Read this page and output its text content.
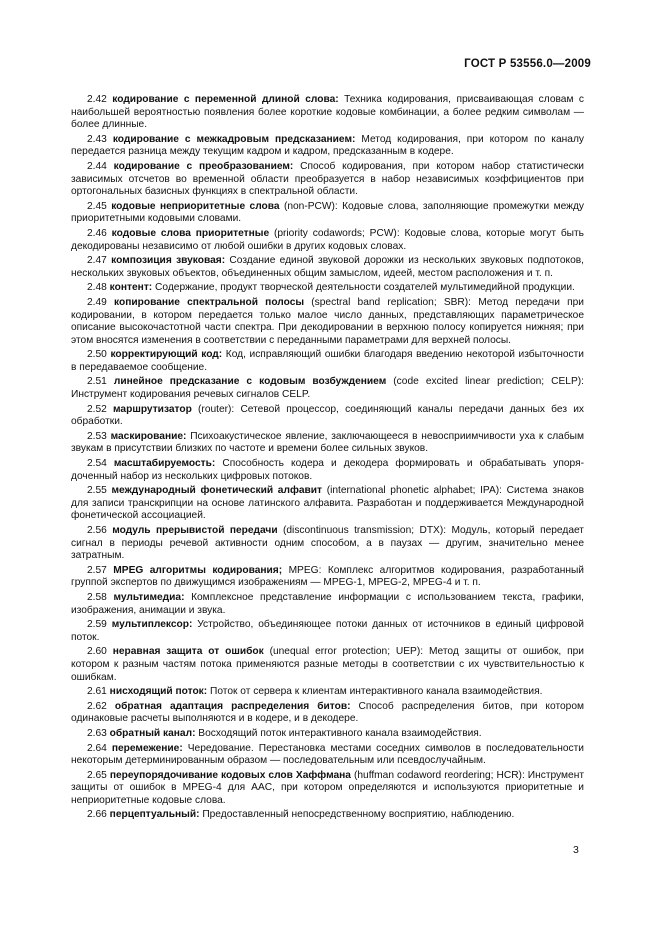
ГОСТ Р 53556.0—2009

2.42 кодирование с переменной длиной слова: Техника кодирования, присваивающая словам с наибольшей вероятностью появления более короткие кодовые комбинации, а более редким символам — более длинные.

2.43 кодирование с межкадровым предсказанием: Метод кодирования, при котором по каналу передается разница между текущим кадром и кадром, предсказанным в кодере.

2.44 кодирование с преобразованием: Способ кодирования, при котором набор статистически зависимых отсчетов во временной области преобразуется в набор независимых коэффициентов при ортогональных базисных функциях в спектральной области.

2.45 кодовые неприоритетные слова (non-PCW): Кодовые слова, заполняющие промежутки между приоритетными кодовыми словами.

2.46 кодовые слова приоритетные (priority codawords; PCW): Кодовые слова, которые могут быть декодированы независимо от любой ошибки в других кодовых словах.

2.47 композиция звуковая: Создание единой звуковой дорожки из нескольких звуковых подпотоков, нескольких звуковых объектов, объединенных общим замыслом, идеей, местом расположения и т. п.

2.48 контент: Содержание, продукт творческой деятельности создателей мультимедийной продукции.

2.49 копирование спектральной полосы (spectral band replication; SBR): Метод передачи при кодировании, в котором передается только малое число данных, представляющих параметрическое описание высокочастотной части спектра. При декодировании в верхнюю полосу копируется нижняя; при этом вносятся изменения в соответствии с переданными параметрами для верхней полосы.

2.50 корректирующий код: Код, исправляющий ошибки благодаря введению некоторой избыточности в передаваемое сообщение.

2.51 линейное предсказание с кодовым возбуждением (code excited linear prediction; CELP): Инструмент кодирования речевых сигналов CELP.

2.52 маршрутизатор (router): Сетевой процессор, соединяющий каналы передачи данных без их обработки.

2.53 маскирование: Психоакустическое явление, заключающееся в невосприимчивости уха к слабым звукам в присутствии близких по частоте и времени более сильных звуков.

2.54 масштабируемость: Способность кодера и декодера формировать и обрабатывать упорядоченный набор из нескольких цифровых потоков.

2.55 международный фонетический алфавит (international phonetic alphabet; IPA): Система знаков для записи транскрипции на основе латинского алфавита. Разработан и поддерживается Международной фонетической ассоциацией.

2.56 модуль прерывистой передачи (discontinuous transmission; DTX): Модуль, который передает сигнал в периоды речевой активности одним способом, а в паузах — другим, значительно менее затратным.

2.57 MPEG алгоритмы кодирования; MPEG: Комплекс алгоритмов кодирования, разработанный группой экспертов по движущимся изображениям — MPEG-1, MPEG-2, MPEG-4 и т. п.

2.58 мультимедиа: Комплексное представление информации с использованием текста, графики, изображения, анимации и звука.

2.59 мультиплексор: Устройство, объединяющее потоки данных от источников в единый цифровой поток.

2.60 неравная защита от ошибок (unequal error protection; UEP): Метод защиты от ошибок, при котором к разным частям потока применяются разные методы в соответствии с их чувствительностью к ошибкам.

2.61 нисходящий поток: Поток от сервера к клиентам интерактивного канала взаимодействия.

2.62 обратная адаптация распределения битов: Способ распределения битов, при котором одинаковые расчеты выполняются и в кодере, и в декодере.

2.63 обратный канал: Восходящий поток интерактивного канала взаимодействия.

2.64 перемежение: Чередование. Перестановка местами соседних символов в последовательности некоторым детерминированным образом — последовательным или псевдослучайным.

2.65 переупорядочивание кодовых слов Хаффмана (huffman codaword reordering; HCR): Инструмент защиты от ошибок в MPEG-4 для AAC, при котором определяются и используются приоритетные и неприоритетные кодовые слова.

2.66 перцептуальный: Предоставленный непосредственному восприятию, наблюдению.

3
